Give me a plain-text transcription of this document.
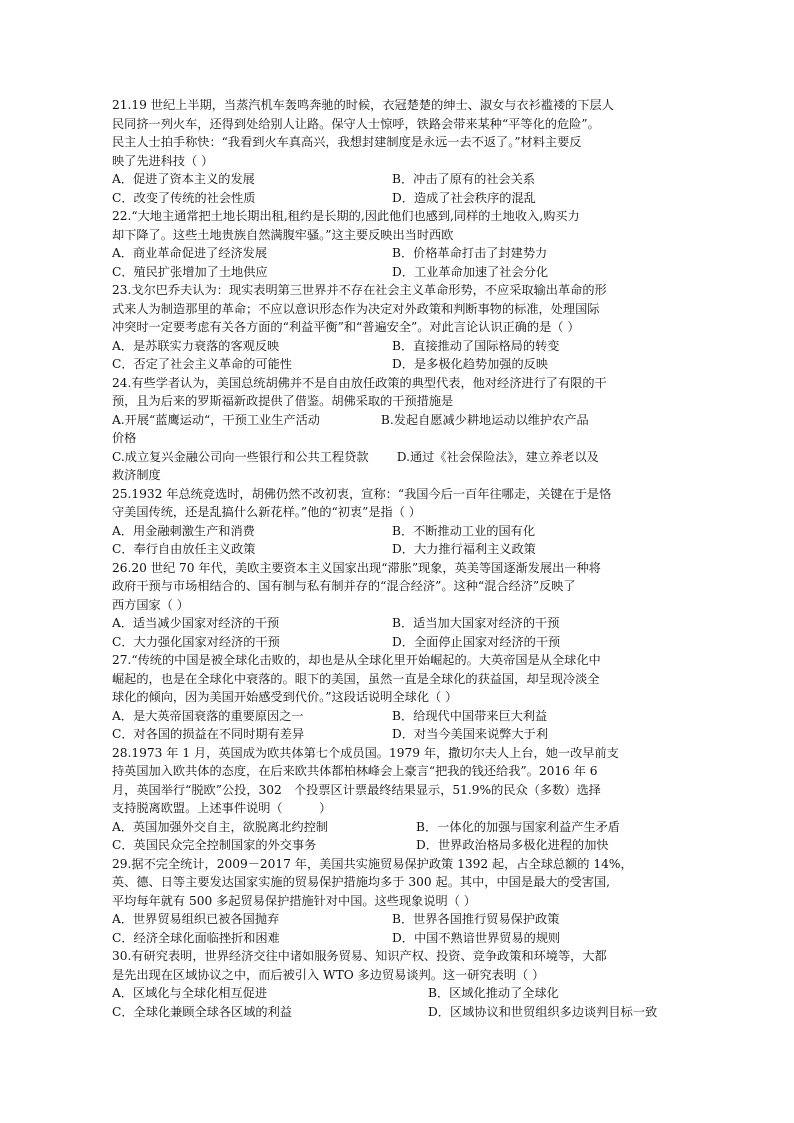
21.19 世纪上半期，当蒸汽机车轰鸣奔驰的时候，衣冠楚楚的绅士、淑女与衣衫褴褛的下层人
民同挤一列火车，还得到处给别人让路。保守人士惊呼，铁路会带来某种“平等化的危险”。
民主人士拍手称快：“我看到火车真高兴，我想封建制度是永远一去不返了。”材料主要反
映了先进科技（ ）
A．促进了资本主义的发展	B．冲击了原有的社会关系
C．改变了传统的社会性质	D．造成了社会秩序的混乱
22.“大地主通常把土地长期出租,租约是长期的,因此他们也感到,同样的土地收入,购买力
却下降了。这些土地贵族自然满腹牢骚。”这主要反映出当时西欧
A．商业革命促进了经济发展	B．价格革命打击了封建势力
C．殖民扩张增加了土地供应	D．工业革命加速了社会分化
23.戈尔巴乔夫认为：现实表明第三世界并不存在社会主义革命形势，不应采取输出革命的形
式来人为制造那里的革命；不应以意识形态作为决定对外政策和判断事物的标准，处理国际
冲突时一定要考虑有关各方面的“利益平衡”和“普遍安全”。对此言论认识正确的是（ ）
A．是苏联实力衰落的客观反映	B．直接推动了国际格局的转变
C．否定了社会主义革命的可能性	D．是多极化趋势加强的反映
24.有些学者认为，美国总统胡佛并不是自由放任政策的典型代表，他对经济进行了有限的干
预，且为后来的罗斯福新政提供了借鉴。胡佛采取的干预措施是
A.开展“蓝鹰运动“，干预工业生产活动　　　　　B.发起自愿减少耕地运动以维护农产品
价格
C.成立复兴金融公司向一些银行和公共工程贷款　　 D.通过《社会保险法》，建立养老以及
救济制度
25.1932 年总统竞选时，胡佛仍然不改初衷，宣称：“我国今后一百年往哪走，关键在于是恪
守美国传统，还是乱搞什么新花样。”他的“初衷”是指（ ）
A．用金融刺激生产和消费	B．不断推动工业的国有化
C．奉行自由放任主义政策	D．大力推行福利主义政策
26.20 世纪 70 年代，美欧主要资本主义国家出现“滞胀”现象，英美等国逐渐发展出一种将
政府干预与市场相结合的、国有制与私有制并存的“混合经济”。这种“混合经济”反映了
西方国家（ ）
A．适当减少国家对经济的干预	B．适当加大国家对经济的干预
C．大力强化国家对经济的干预	D．全面停止国家对经济的干预
27.“传统的中国是被全球化击败的，却也是从全球化里开始崛起的。大英帝国是从全球化中
崛起的，也是在全球化中衰落的。眼下的美国，虽然一直是全球化的获益国，却呈现冷淡全
球化的倾向，因为美国开始感受到代价。”这段话说明全球化（ ）
A．是大英帝国衰落的重要原因之一	B．给现代中国带来巨大利益
C．对各国的损益在不同时期有差异	D．对当今美国来说弊大于利
28.1973 年 1 月，英国成为欧共体第七个成员国。1979 年，撒切尔夫人上台，她一改早前支
持英国加入欧共体的态度，在后来欧共体都柏林峰会上豪言“把我的钱还给我”。2016 年 6
月，英国举行“脱欧”公投，302　个投票区计票最终结果显示，51.9%的民众（多数）选择
支持脱离欧盟。上述事件说明（　　　）
A．英国加强外交自主，欲脱离北约控制	B．一体化的加强与国家利益产生矛盾
C．英国民众完全控制国家的外交事务	D．世界政治格局多极化进程的加快
29.据不完全统计，2009－2017 年，美国共实施贸易保护政策 1392 起，占全球总额的 14%，
英、德、日等主要发达国家实施的贸易保护措施均多于 300 起。其中，中国是最大的受害国,
平均每年就有 500 多起贸易保护措施针对中国。这些现象说明（ ）
A．世界贸易组织已被各国抛弃	B．世界各国推行贸易保护政策
C．经济全球化面临挫折和困难	D．中国不熟谙世界贸易的规则
30.有研究表明，世界经济交往中诸如服务贸易、知识产权、投资、竞争政策和环境等，大都
是先出现在区域协议之中，而后被引入 WTO 多边贸易谈判。这一研究表明（ ）
A．区域化与全球化相互促进	B．区域化推动了全球化
C．全球化兼顾全球各区域的利益	D．区域协议和世贸组织多边谈判目标一致
